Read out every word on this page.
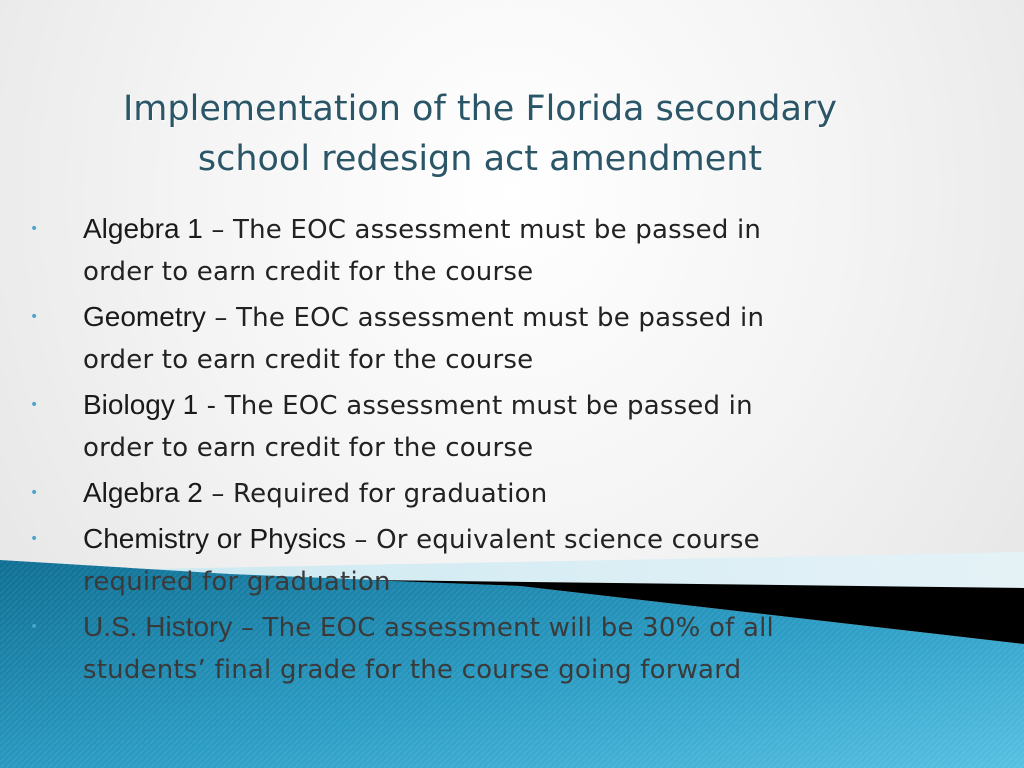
Implementation of the Florida secondary
school redesign act amendment
• Algebra 1 – The EOC assessment must be passed in
order to earn credit for the course
• Geometry – The EOC assessment must be passed in
order to earn credit for the course
• Biology 1 - The EOC assessment must be passed in
order to earn credit for the course
• Algebra 2 – Required for graduation
• Chemistry or Physics – Or equivalent science course
required for graduation
• U.S. History – The EOC assessment will be 30% of all
students’ final grade for the course going forward
